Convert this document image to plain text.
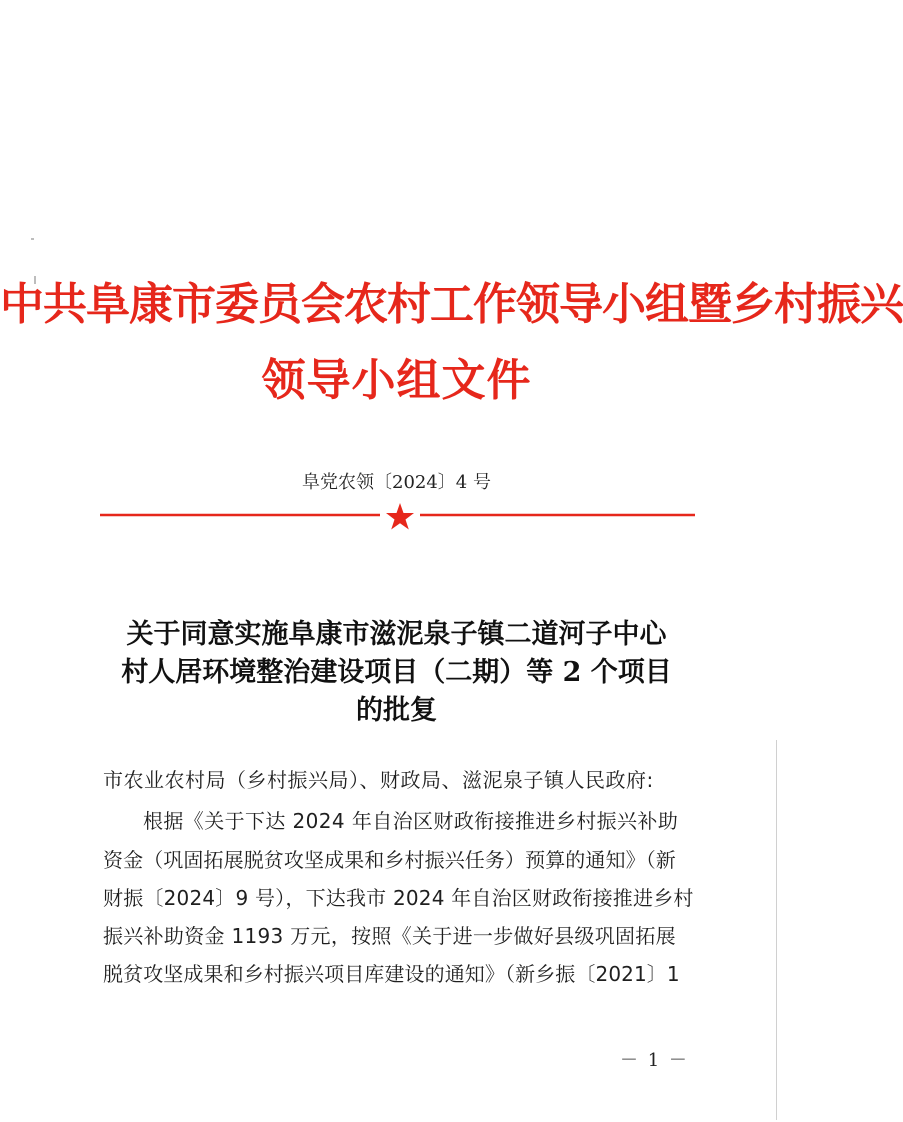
中共阜康市委员会农村工作领导小组暨乡村振兴
领导小组文件
阜党农领〔2024〕4 号
关于同意实施阜康市滋泥泉子镇二道河子中心
村人居环境整治建设项目（二期）等 2 个项目
的批复
市农业农村局（乡村振兴局）、财政局、滋泥泉子镇人民政府:
根据《关于下达 2024 年自治区财政衔接推进乡村振兴补助
资金（巩固拓展脱贫攻坚成果和乡村振兴任务）预算的通知》（新
财振〔2024〕9 号），下达我市 2024 年自治区财政衔接推进乡村
振兴补助资金 1193 万元，按照《关于进一步做好县级巩固拓展
脱贫攻坚成果和乡村振兴项目库建设的通知》（新乡振〔2021〕1
－ 1 －
